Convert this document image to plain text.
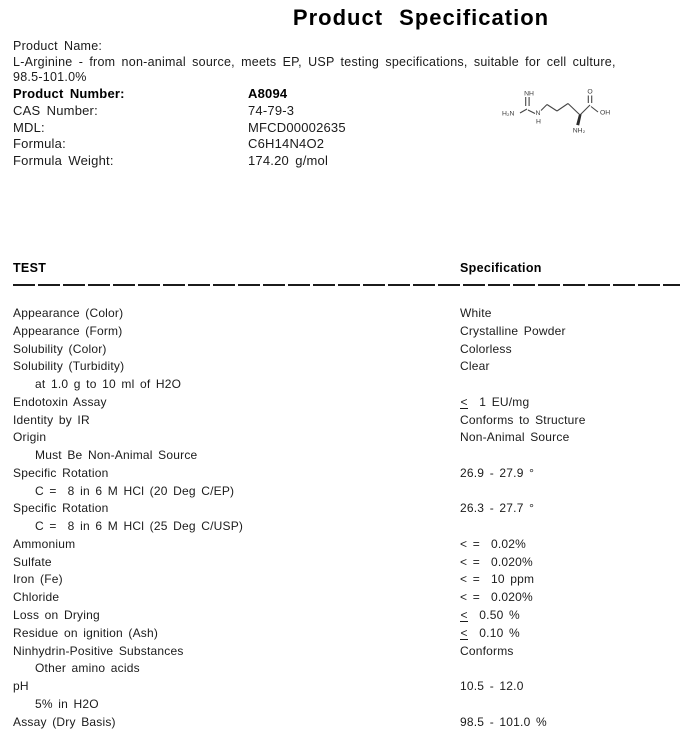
Product Specification
Product Name:
L-Arginine - from non-animal source, meets EP, USP testing specifications, suitable for cell culture,
98.5-101.0%
Product Number:	A8094
CAS Number:	74-79-3
MDL:	MFCD00002635
Formula:	C6H14N4O2
Formula Weight:	174.20 g/mol
H₂N
NH
N
H
O
OH
NH₂
TEST	Specification
Appearance (Color)	White
Appearance (Form)	Crystalline Powder
Solubility (Color)	Colorless
Solubility (Turbidity)	Clear
at 1.0 g to 10 ml of H2O
Endotoxin Assay	<  1 EU/mg
Identity by IR	Conforms to Structure
Origin	Non-Animal Source
Must Be Non-Animal Source
Specific Rotation	26.9 - 27.9 °
C =  8 in 6 M HCl (20 Deg C/EP)
Specific Rotation	26.3 - 27.7 °
C =  8 in 6 M HCl (25 Deg C/USP)
Ammonium	< =  0.02%
Sulfate	< =  0.020%
Iron (Fe)	< =  10 ppm
Chloride	< =  0.020%
Loss on Drying	<  0.50 %
Residue on ignition (Ash)	<  0.10 %
Ninhydrin-Positive Substances	Conforms
Other amino acids
pH	10.5 - 12.0
5% in H2O
Assay (Dry Basis)	98.5 - 101.0 %
